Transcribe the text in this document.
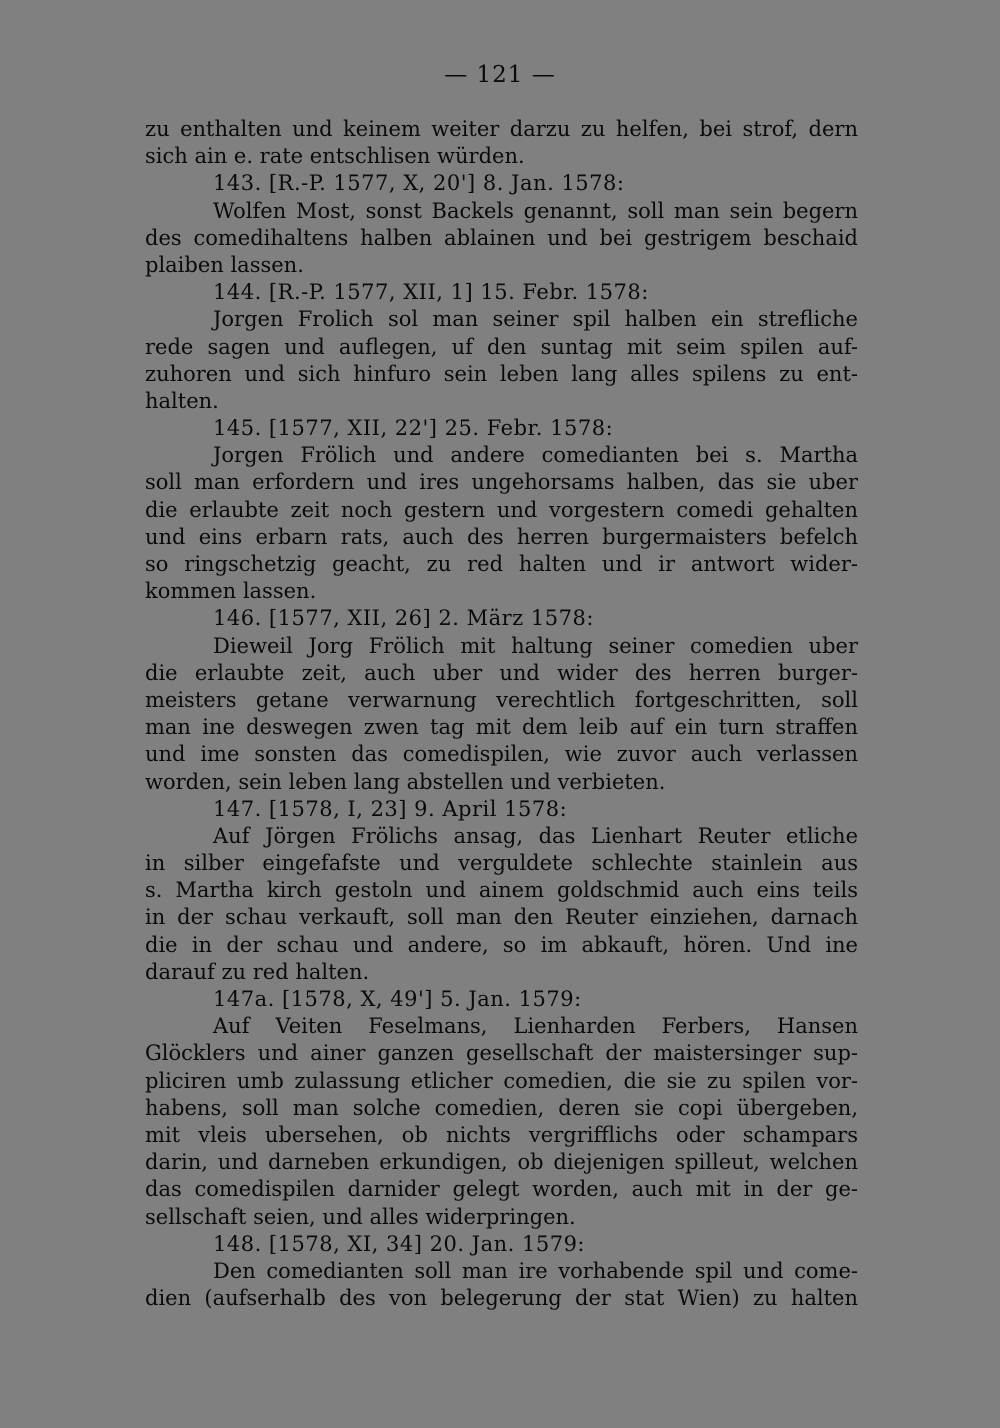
— 121 —
zu enthalten und keinem weiter darzu zu helfen, bei strof, dern
sich ain e. rate entschlisen würden.
143. [R.-P. 1577, X, 20'] 8. Jan. 1578:
Wolfen Most, sonst Backels genannt, soll man sein begern
des comedihaltens halben ablainen und bei gestrigem beschaid
plaiben lassen.
144. [R.-P. 1577, XII, 1] 15. Febr. 1578:
Jorgen Frolich sol man seiner spil halben ein strefliche
rede sagen und auflegen, uf den suntag mit seim spilen auf-
zuhoren und sich hinfuro sein leben lang alles spilens zu ent-
halten.
145. [1577, XII, 22'] 25. Febr. 1578:
Jorgen Frölich und andere comedianten bei s. Martha
soll man erfordern und ires ungehorsams halben, das sie uber
die erlaubte zeit noch gestern und vorgestern comedi gehalten
und eins erbarn rats, auch des herren burgermaisters befelch
so ringschetzig geacht, zu red halten und ir antwort wider-
kommen lassen.
146. [1577, XII, 26] 2. März 1578:
Dieweil Jorg Frölich mit haltung seiner comedien uber
die erlaubte zeit, auch uber und wider des herren burger-
meisters getane verwarnung verechtlich fortgeschritten, soll
man ine deswegen zwen tag mit dem leib auf ein turn straffen
und ime sonsten das comedispilen, wie zuvor auch verlassen
worden, sein leben lang abstellen und verbieten.
147. [1578, I, 23] 9. April 1578:
Auf Jörgen Frölichs ansag, das Lienhart Reuter etliche
in silber eingefafste und verguldete schlechte stainlein aus
s. Martha kirch gestoln und ainem goldschmid auch eins teils
in der schau verkauft, soll man den Reuter einziehen, darnach
die in der schau und andere, so im abkauft, hören. Und ine
darauf zu red halten.
147a. [1578, X, 49'] 5. Jan. 1579:
Auf Veiten Feselmans, Lienharden Ferbers, Hansen
Glöcklers und ainer ganzen gesellschaft der maistersinger sup-
pliciren umb zulassung etlicher comedien, die sie zu spilen vor-
habens, soll man solche comedien, deren sie copi übergeben,
mit vleis ubersehen, ob nichts vergrifflichs oder schampars
darin, und darneben erkundigen, ob diejenigen spilleut, welchen
das comedispilen darnider gelegt worden, auch mit in der ge-
sellschaft seien, und alles widerpringen.
148. [1578, XI, 34] 20. Jan. 1579:
Den comedianten soll man ire vorhabende spil und come-
dien (aufserhalb des von belegerung der stat Wien) zu halten
